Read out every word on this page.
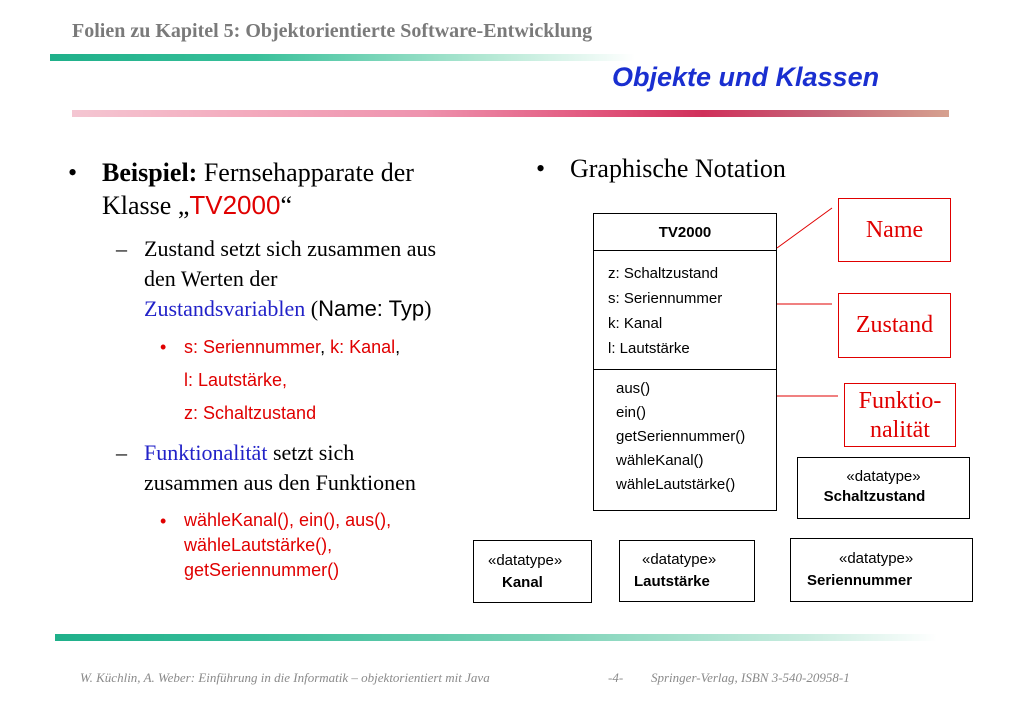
Folien zu Kapitel 5: Objektorientierte Software-Entwicklung
Objekte und Klassen
• Beispiel: Fernsehapparate der
Klasse „TV2000“
– Zustand setzt sich zusammen aus
den Werten der
Zustandsvariablen (Name: Typ)
• s: Seriennummer, k: Kanal,
l: Lautstärke,
z: Schaltzustand
– Funktionalität setzt sich
zusammen aus den Funktionen
• wähleKanal(), ein(), aus(),
wähleLautstärke(),
getSeriennummer()
• Graphische Notation
TV2000
z: Schaltzustand
s: Seriennummer
k: Kanal
l: Lautstärke
aus()
ein()
getSeriennummer()
wähleKanal()
wähleLautstärke()
Name
Zustand
Funktio-
nalität
«datatype»
Schaltzustand
«datatype»
Kanal
«datatype»
Lautstärke
«datatype»
Seriennummer
W. Küchlin, A. Weber: Einführung in die Informatik – objektorientiert mit Java	-4- Springer-Verlag, ISBN 3-540-20958-1
